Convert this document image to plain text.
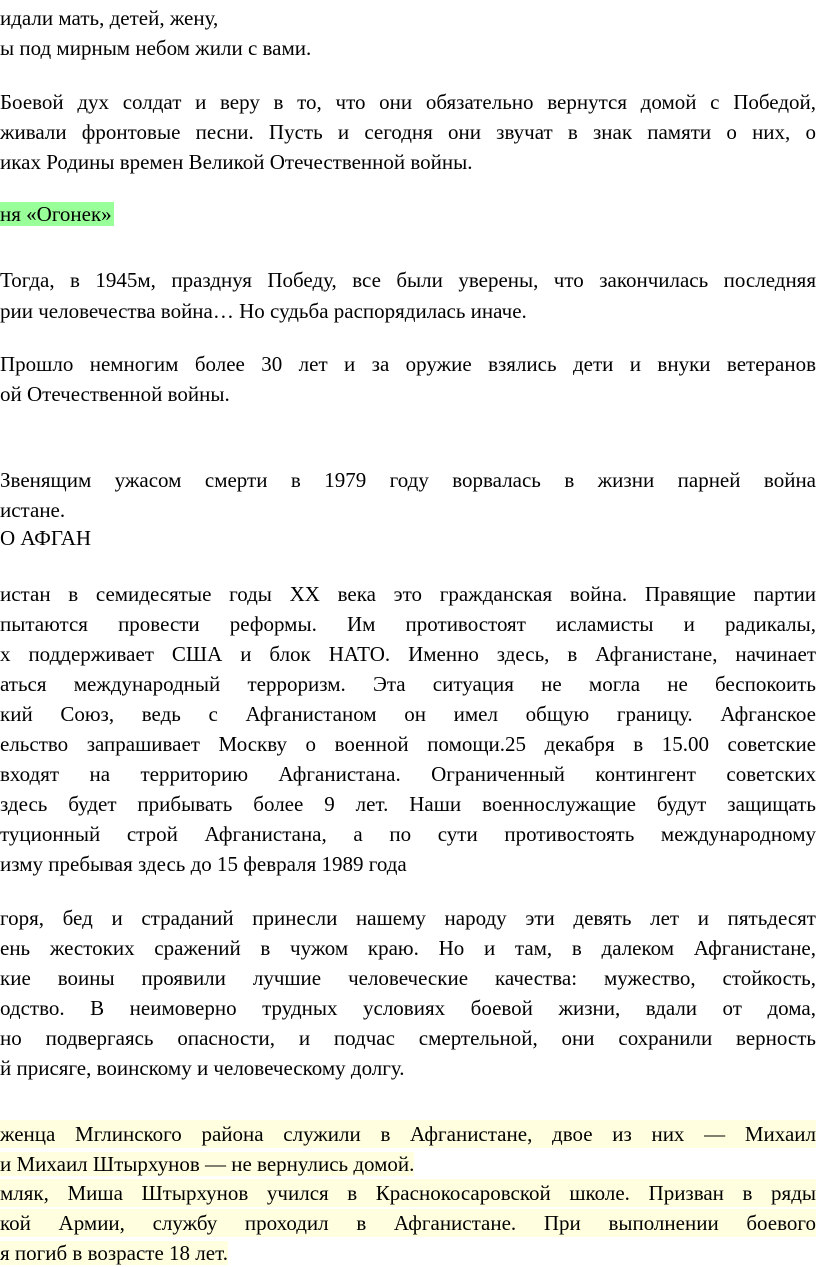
идали мать, детей, жену,
ы под мирным небом жили с вами.
Боевой дух солдат и веру в то, что они обязательно вернутся домой с Победой,
живали фронтовые песни. Пусть и сегодня они звучат в знак памяти о них, о
иках Родины времен Великой Отечественной войны.
ня «Огонек»
Тогда, в 1945м, празднуя Победу, все были уверены, что закончилась последняя
рии человечества война… Но судьба распорядилась иначе.
Прошло немногим более 30 лет и за оружие взялись дети и внуки ветеранов
ой Отечественной войны.
Звенящим ужасом смерти в 1979 году ворвалась в жизни парней война
истане.
О АФГАН
истан в семидесятые годы XX века это гражданская война. Правящие партии
пытаются провести реформы. Им противостоят исламисты и радикалы,
х поддерживает США и блок НАТО. Именно здесь, в Афганистане, начинает
аться международный терроризм. Эта ситуация не могла не беспокоить
кий Союз, ведь с Афганистаном он имел общую границу. Афганское
ельство запрашивает Москву о военной помощи.25 декабря в 15.00 советские
входят на территорию Афганистана. Ограниченный контингент советских
здесь будет прибывать более 9 лет. Наши военнослужащие будут защищать
туционный строй Афганистана, а по сути противостоять международному
изму пребывая здесь до 15 февраля 1989 года
горя, бед и страданий принесли нашему народу эти девять лет и пятьдесят
ень жестоких сражений в чужом краю. Но и там, в далеком Афганистане,
кие воины проявили лучшие человеческие качества: мужество, стойкость,
одство. В неимоверно трудных условиях боевой жизни, вдали от дома,
но подвергаясь опасности, и подчас смертельной, они сохранили верность
й присяге, воинскому и человеческому долгу.
женца Мглинского района служили в Афганистане, двое из них — Михаил
и Михаил Штырхунов — не вернулись домой.
мляк, Миша Штырхунов учился в Краснокосаровской школе. Призван в ряды
кой Армии, службу проходил в Афганистане. При выполнении боевого
я погиб в возрасте 18 лет.
